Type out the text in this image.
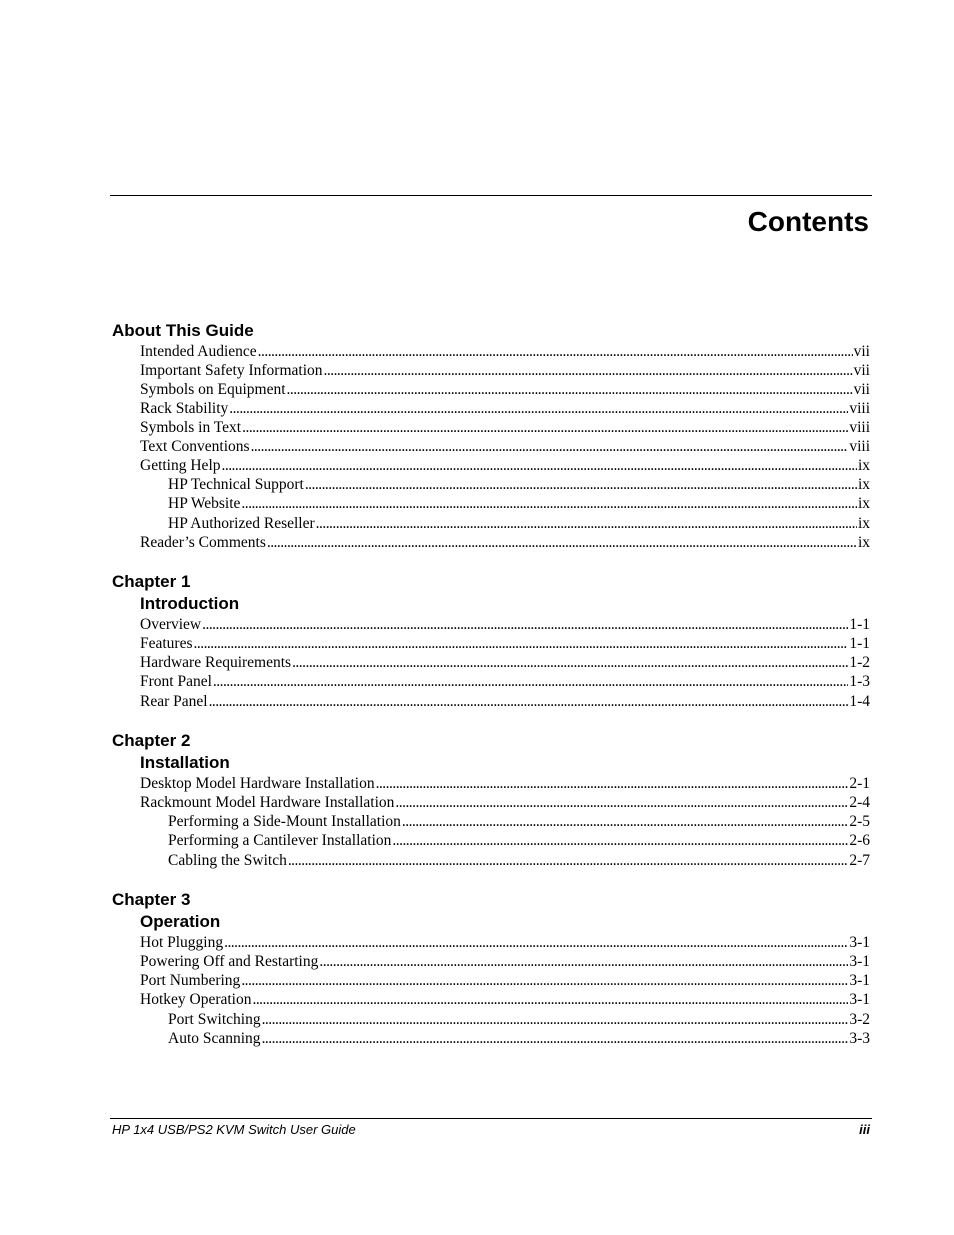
Contents
About This Guide
Intended Audience . . .	vii
Important Safety Information . . .	vii
Symbols on Equipment . . .	vii
Rack Stability . . .	viii
Symbols in Text . . .	viii
Text Conventions . . .	viii
Getting Help . . .	ix
HP Technical Support . . .	ix
HP Website . . .	ix
HP Authorized Reseller . . .	ix
Reader’s Comments . . .	ix
Chapter 1
Introduction
Overview . . .	1-1
Features . . .	1-1
Hardware Requirements . . .	1-2
Front Panel . . .	1-3
Rear Panel . . .	1-4
Chapter 2
Installation
Desktop Model Hardware Installation . . .	2-1
Rackmount Model Hardware Installation . . .	2-4
Performing a Side-Mount Installation . . .	2-5
Performing a Cantilever Installation . . .	2-6
Cabling the Switch . . .	2-7
Chapter 3
Operation
Hot Plugging . . .	3-1
Powering Off and Restarting . . .	3-1
Port Numbering . . .	3-1
Hotkey Operation . . .	3-1
Port Switching . . .	3-2
Auto Scanning . . .	3-3
HP 1x4 USB/PS2 KVM Switch User Guide	iii
